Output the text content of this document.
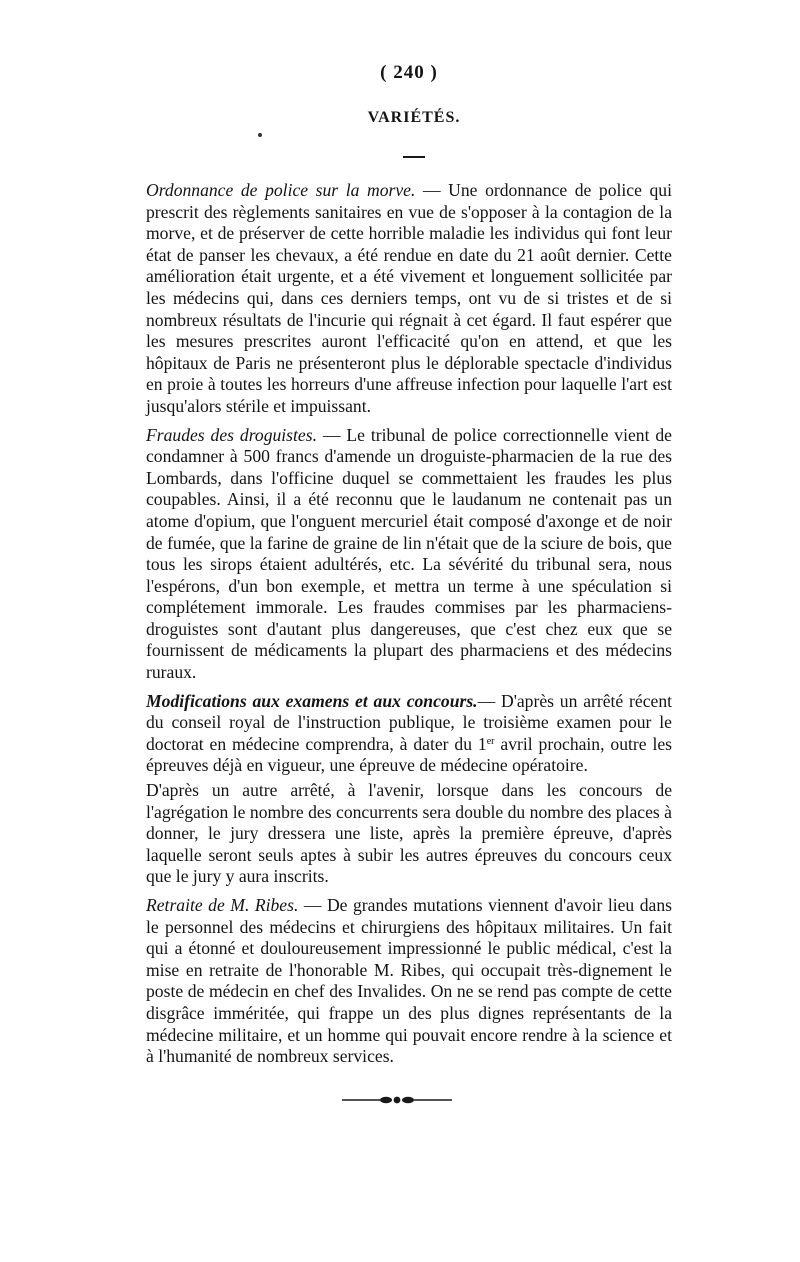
( 240 )

VARIÉTÉS.

Ordonnance de police sur la morve. — Une ordonnance de police qui prescrit des règlements sanitaires en vue de s'opposer à la contagion de la morve, et de préserver de cette horrible maladie les individus qui font leur état de panser les chevaux, a été rendue en date du 21 août dernier. Cette amélioration était urgente, et a été vivement et longuement sollicitée par les médecins qui, dans ces derniers temps, ont vu de si tristes et de si nombreux résultats de l'incurie qui régnait à cet égard. Il faut espérer que les mesures prescrites auront l'efficacité qu'on en attend, et que les hôpitaux de Paris ne présenteront plus le déplorable spectacle d'individus en proie à toutes les horreurs d'une affreuse infection pour laquelle l'art est jusqu'alors stérile et impuissant.

Fraudes des droguistes. — Le tribunal de police correctionnelle vient de condamner à 500 francs d'amende un droguiste-pharmacien de la rue des Lombards, dans l'officine duquel se commettaient les fraudes les plus coupables. Ainsi, il a été reconnu que le laudanum ne contenait pas un atome d'opium, que l'onguent mercuriel était composé d'axonge et de noir de fumée, que la farine de graine de lin n'était que de la sciure de bois, que tous les sirops étaient adultérés, etc. La sévérité du tribunal sera, nous l'espérons, d'un bon exemple, et mettra un terme à une spéculation si complétement immorale. Les fraudes commises par les pharmaciens-droguistes sont d'autant plus dangereuses, que c'est chez eux que se fournissent de médicaments la plupart des pharmaciens et des médecins ruraux.

Modifications aux examens et aux concours.— D'après un arrêté récent du conseil royal de l'instruction publique, le troisième examen pour le doctorat en médecine comprendra, à dater du 1er avril prochain, outre les épreuves déjà en vigueur, une épreuve de médecine opératoire.

D'après un autre arrêté, à l'avenir, lorsque dans les concours de l'agrégation le nombre des concurrents sera double du nombre des places à donner, le jury dressera une liste, après la première épreuve, d'après laquelle seront seuls aptes à subir les autres épreuves du concours ceux que le jury y aura inscrits.

Retraite de M. Ribes. — De grandes mutations viennent d'avoir lieu dans le personnel des médecins et chirurgiens des hôpitaux militaires. Un fait qui a étonné et douloureusement impressionné le public médical, c'est la mise en retraite de l'honorable M. Ribes, qui occupait très-dignement le poste de médecin en chef des Invalides. On ne se rend pas compte de cette disgrâce imméritée, qui frappe un des plus dignes représentants de la médecine militaire, et un homme qui pouvait encore rendre à la science et à l'humanité de nombreux services.
